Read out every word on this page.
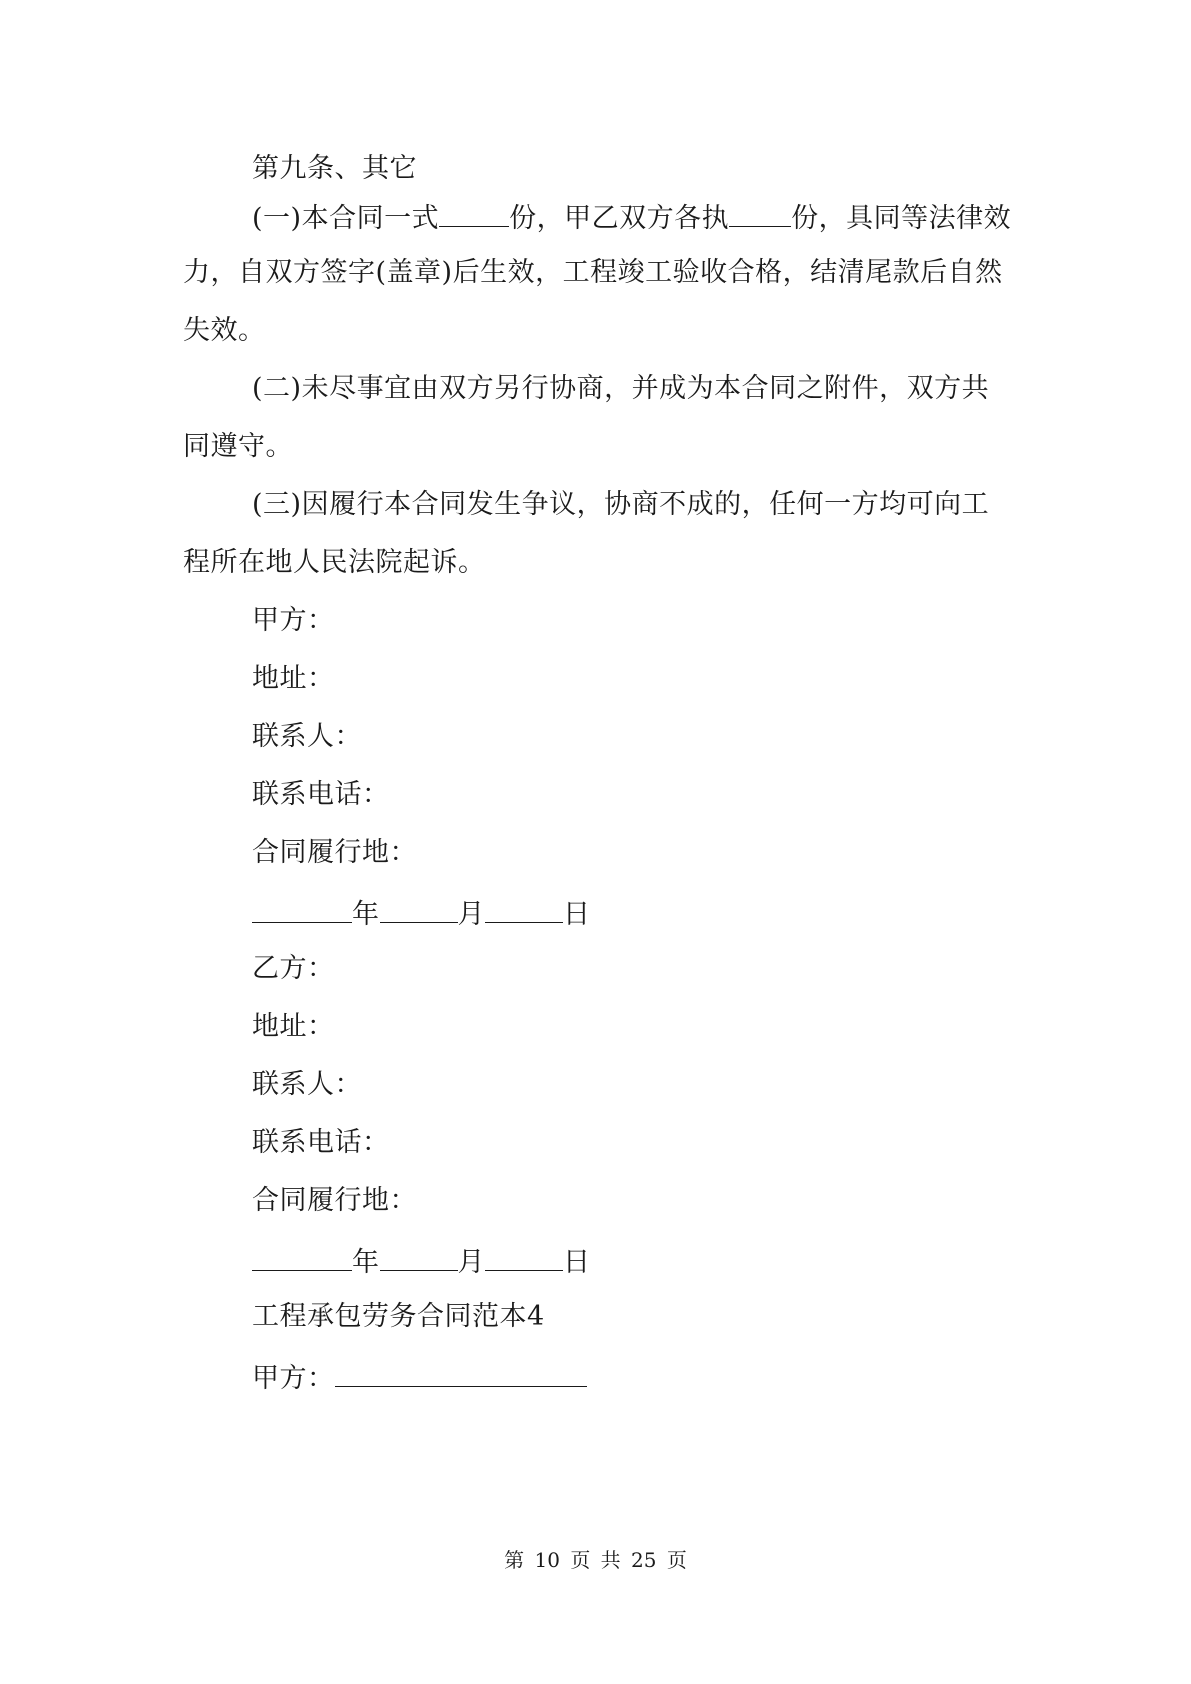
第九条、其它
(一)本合同一式	份，甲乙双方各执 份，具同等法律效
力，自双方签字(盖章)后生效，工程竣工验收合格，结清尾款后自然
失效。
(二)未尽事宜由双方另行协商，并成为本合同之附件，双方共
同遵守。
(三)因履行本合同发生争议，协商不成的，任何一方均可向工
程所在地人民法院起诉。
甲方：
地址：
联系人：
联系电话：
合同履行地：
年	月	日
乙方：
地址：
联系人：
联系电话：
合同履行地：
年	月	日
工程承包劳务合同范本4
甲方：
第 10 页 共 25 页
